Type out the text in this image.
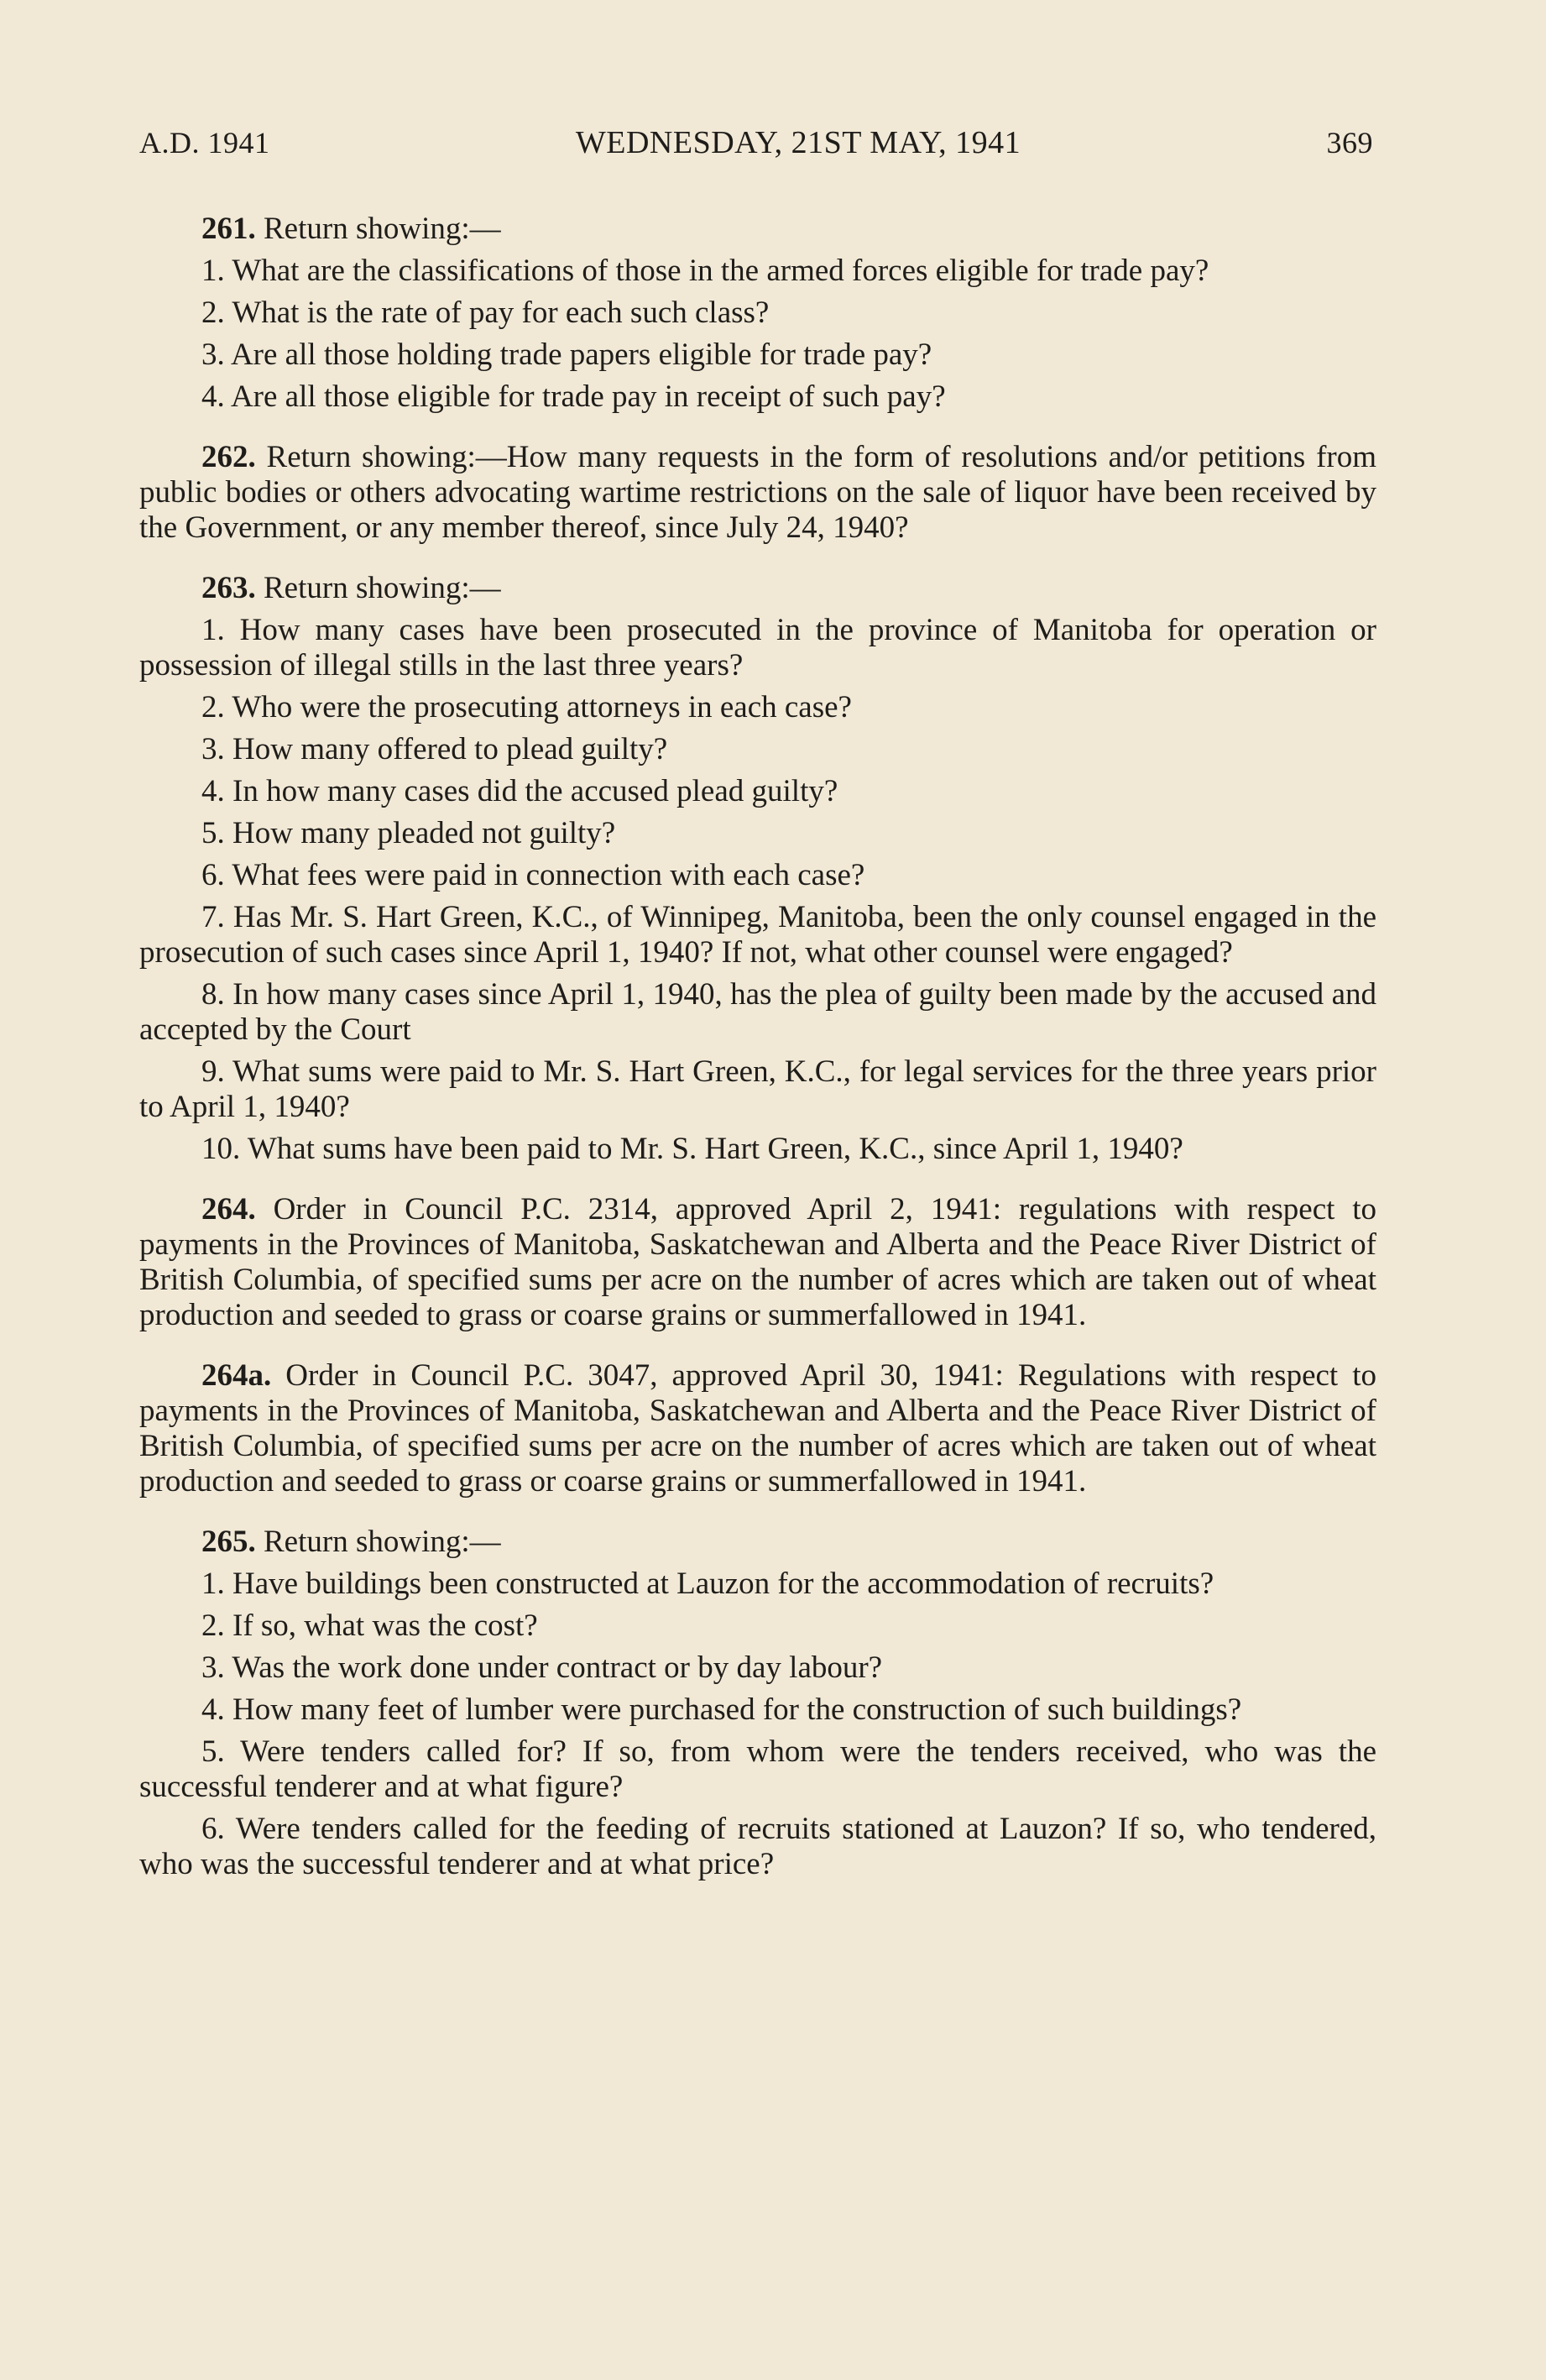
A.D. 1941	WEDNESDAY, 21ST MAY, 1941	369

261. Return showing:—

1. What are the classifications of those in the armed forces eligible for trade pay?

2. What is the rate of pay for each such class?

3. Are all those holding trade papers eligible for trade pay?

4. Are all those eligible for trade pay in receipt of such pay?

262. Return showing:—How many requests in the form of resolutions and/or petitions from public bodies or others advocating wartime restrictions on the sale of liquor have been received by the Government, or any member thereof, since July 24, 1940?

263. Return showing:—

1. How many cases have been prosecuted in the province of Manitoba for operation or possession of illegal stills in the last three years?

2. Who were the prosecuting attorneys in each case?

3. How many offered to plead guilty?

4. In how many cases did the accused plead guilty?

5. How many pleaded not guilty?

6. What fees were paid in connection with each case?

7. Has Mr. S. Hart Green, K.C., of Winnipeg, Manitoba, been the only counsel engaged in the prosecution of such cases since April 1, 1940? If not, what other counsel were engaged?

8. In how many cases since April 1, 1940, has the plea of guilty been made by the accused and accepted by the Court

9. What sums were paid to Mr. S. Hart Green, K.C., for legal services for the three years prior to April 1, 1940?

10. What sums have been paid to Mr. S. Hart Green, K.C., since April 1, 1940?

264. Order in Council P.C. 2314, approved April 2, 1941: regulations with respect to payments in the Provinces of Manitoba, Saskatchewan and Alberta and the Peace River District of British Columbia, of specified sums per acre on the number of acres which are taken out of wheat production and seeded to grass or coarse grains or summerfallowed in 1941.

264a. Order in Council P.C. 3047, approved April 30, 1941: Regulations with respect to payments in the Provinces of Manitoba, Saskatchewan and Alberta and the Peace River District of British Columbia, of specified sums per acre on the number of acres which are taken out of wheat production and seeded to grass or coarse grains or summerfallowed in 1941.

265. Return showing:—

1. Have buildings been constructed at Lauzon for the accommodation of recruits?

2. If so, what was the cost?

3. Was the work done under contract or by day labour?

4. How many feet of lumber were purchased for the construction of such buildings?

5. Were tenders called for? If so, from whom were the tenders received, who was the successful tenderer and at what figure?

6. Were tenders called for the feeding of recruits stationed at Lauzon? If so, who tendered, who was the successful tenderer and at what price?
